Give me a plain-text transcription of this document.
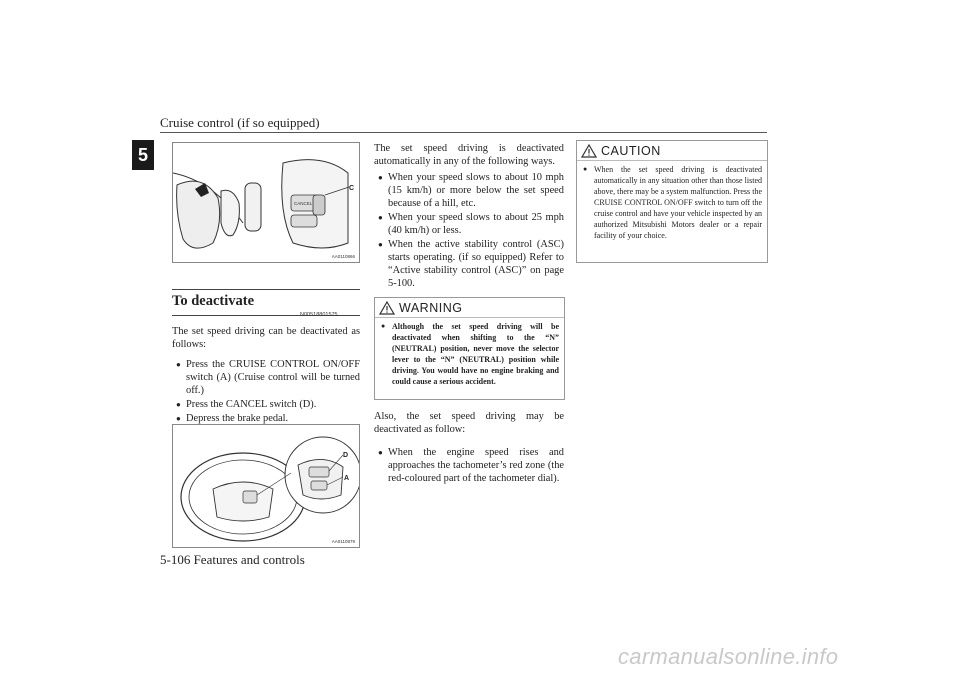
Cruise control (if so equipped)
5
CANCEL
C
AA0110866
To deactivate
N00518801575
The set speed driving can be deactivated as follows:
● Press the CRUISE CONTROL ON/OFF switch (A) (Cruise control will be turned off.)
● Press the CANCEL switch (D).
● Depress the brake pedal.
D
A
AA0110879
The set speed driving is deactivated automatically in any of the following ways.
● When your speed slows to about 10 mph (15 km/h) or more below the set speed because of a hill, etc.
● When your speed slows to about 25 mph (40 km/h) or less.
● When the active stability control (ASC) starts operating. (if so equipped) Refer to “Active stability control (ASC)” on page 5-100.
WARNING
● Although the set speed driving will be deactivated when shifting to the “N” (NEUTRAL) position, never move the selector lever to the “N” (NEUTRAL) position while driving. You would have no engine braking and could cause a serious accident.
Also, the set speed driving may be deactivated as follow:
● When the engine speed rises and approaches the tachometer’s red zone (the red-coloured part of the tachometer dial).
CAUTION
● When the set speed driving is deactivated automatically in any situation other than those listed above, there may be a system malfunction. Press the CRUISE CONTROL ON/OFF switch to turn off the cruise control and have your vehicle inspected by an authorized Mitsubishi Motors dealer or a repair facility of your choice.
5-106 Features and controls
carmanualsonline.info
